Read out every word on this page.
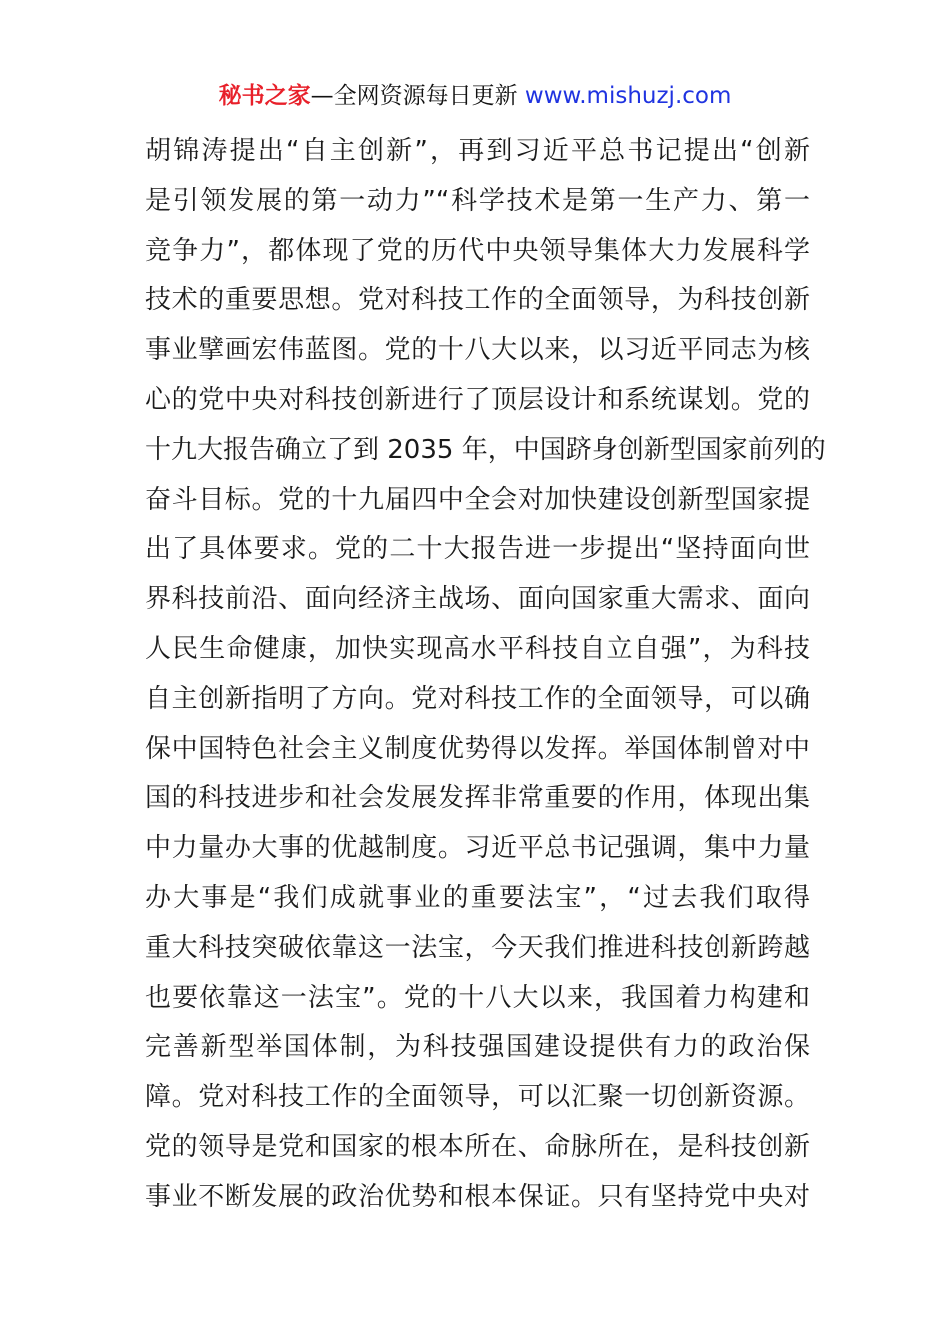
秘书之家—全网资源每日更新 www.mishuzj.com
胡锦涛提出“自主创新”，再到习近平总书记提出“创新
是引领发展的第一动力”“科学技术是第一生产力、第一
竞争力”，都体现了党的历代中央领导集体大力发展科学
技术的重要思想。党对科技工作的全面领导，为科技创新
事业擘画宏伟蓝图。党的十八大以来，以习近平同志为核
心的党中央对科技创新进行了顶层设计和系统谋划。党的
十九大报告确立了到 2035 年，中国跻身创新型国家前列的
奋斗目标。党的十九届四中全会对加快建设创新型国家提
出了具体要求。党的二十大报告进一步提出“坚持面向世
界科技前沿、面向经济主战场、面向国家重大需求、面向
人民生命健康，加快实现高水平科技自立自强”，为科技
自主创新指明了方向。党对科技工作的全面领导，可以确
保中国特色社会主义制度优势得以发挥。举国体制曾对中
国的科技进步和社会发展发挥非常重要的作用，体现出集
中力量办大事的优越制度。习近平总书记强调，集中力量
办大事是“我们成就事业的重要法宝”，“过去我们取得
重大科技突破依靠这一法宝，今天我们推进科技创新跨越
也要依靠这一法宝”。党的十八大以来，我国着力构建和
完善新型举国体制，为科技强国建设提供有力的政治保
障。党对科技工作的全面领导，可以汇聚一切创新资源。
党的领导是党和国家的根本所在、命脉所在，是科技创新
事业不断发展的政治优势和根本保证。只有坚持党中央对
